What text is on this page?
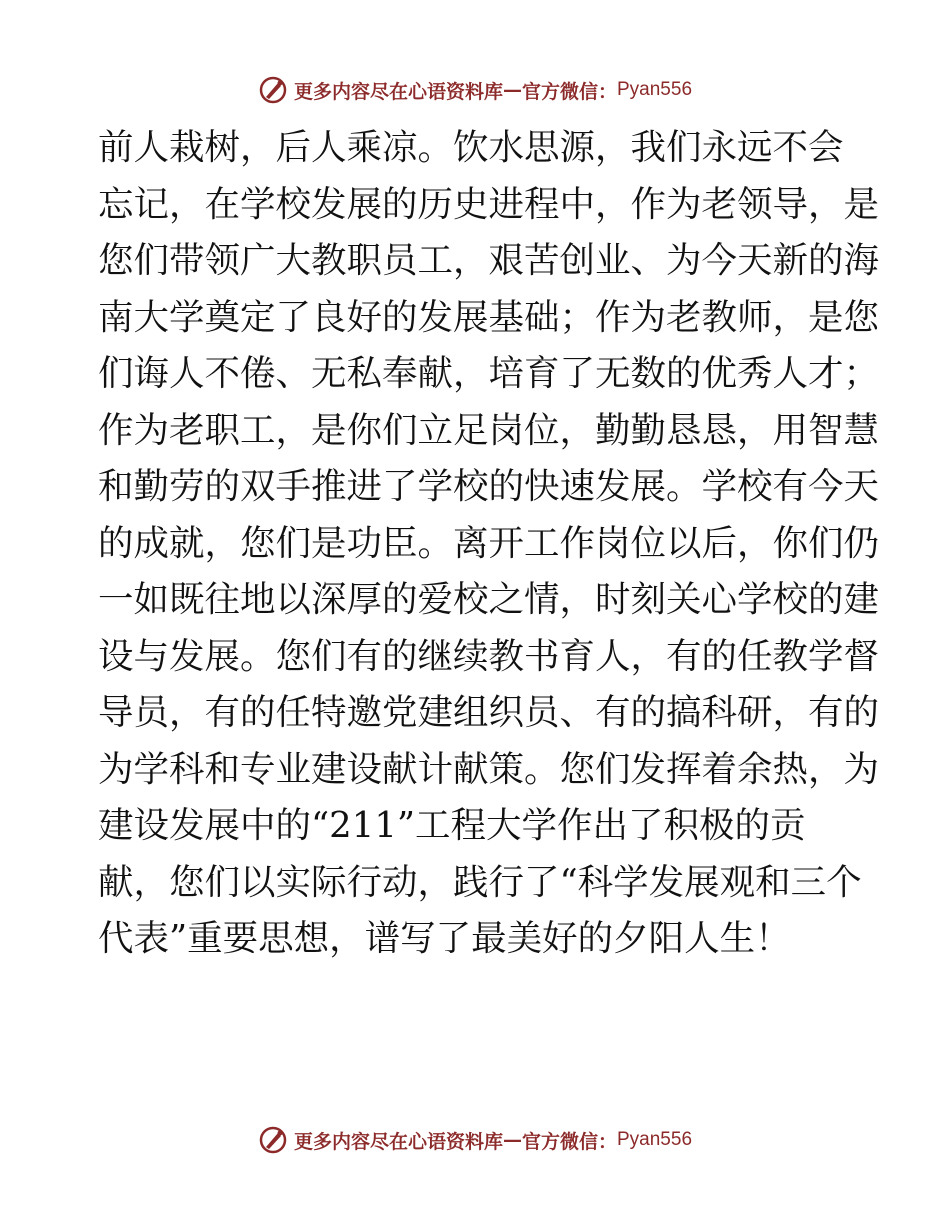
更多内容尽在心语资料库 — 官方微信： Pyan556
前人栽树，后人乘凉。饮水思源，我们永远不会
忘记，在学校发展的历史进程中，作为老领导，是
您们带领广大教职员工，艰苦创业、为今天新的海
南大学奠定了良好的发展基础；作为老教师，是您
们诲人不倦、无私奉献，培育了无数的优秀人才；
作为老职工，是你们立足岗位，勤勤恳恳，用智慧
和勤劳的双手推进了学校的快速发展。学校有今天
的成就，您们是功臣。离开工作岗位以后，你们仍
一如既往地以深厚的爱校之情，时刻关心学校的建
设与发展。您们有的继续教书育人，有的任教学督
导员，有的任特邀党建组织员、有的搞科研，有的
为学科和专业建设献计献策。您们发挥着余热，为
建设发展中的“211”工程大学作出了积极的贡
献，您们以实际行动，践行了“科学发展观和三个
代表”重要思想，谱写了最美好的夕阳人生！
更多内容尽在心语资料库 — 官方微信： Pyan556
